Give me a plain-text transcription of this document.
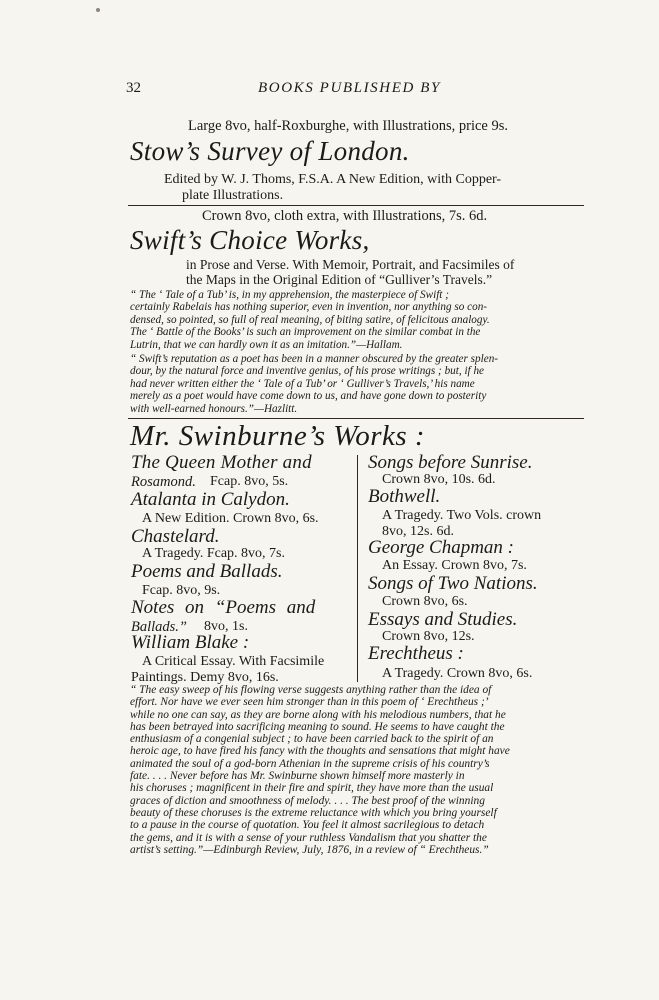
32	BOOKS PUBLISHED BY
Large 8vo, half-Roxburghe, with Illustrations, price 9s.
Stow’s Survey of London.
Edited by W. J. Thoms, F.S.A. A New Edition, with Copper-
plate Illustrations.
Crown 8vo, cloth extra, with Illustrations, 7s. 6d.
Swift’s Choice Works,
in Prose and Verse. With Memoir, Portrait, and Facsimiles of
the Maps in the Original Edition of “Gulliver’s Travels.”
“ The ‘ Tale of a Tub’ is, in my apprehension, the masterpiece of Swift ;
certainly Rabelais has nothing superior, even in invention, nor anything so con-
densed, so pointed, so full of real meaning, of biting satire, of felicitous analogy.
The ‘ Battle of the Books’ is such an improvement on the similar combat in the
Lutrin, that we can hardly own it as an imitation.”—Hallam.
“ Swift’s reputation as a poet has been in a manner obscured by the greater splen-
dour, by the natural force and inventive genius, of his prose writings ; but, if he
had never written either the ‘ Tale of a Tub’ or ‘ Gulliver’s Travels,’ his name
merely as a poet would have come down to us, and have gone down to posterity
with well-earned honours.”—Hazlitt.
Mr. Swinburne’s Works :
The Queen Mother and
Rosamond. Fcap. 8vo, 5s.
Atalanta in Calydon.
A New Edition. Crown 8vo, 6s.
Chastelard.
A Tragedy. Fcap. 8vo, 7s.
Poems and Ballads.
Fcap. 8vo, 9s.
Notes on “Poems and
Ballads.” 8vo, 1s.
William Blake :
A Critical Essay. With Facsimile
Paintings. Demy 8vo, 16s.
Songs before Sunrise.
Crown 8vo, 10s. 6d.
Bothwell.
A Tragedy. Two Vols. crown
8vo, 12s. 6d.
George Chapman :
An Essay. Crown 8vo, 7s.
Songs of Two Nations.
Crown 8vo, 6s.
Essays and Studies.
Crown 8vo, 12s.
Erechtheus :
A Tragedy. Crown 8vo, 6s.
“ The easy sweep of his flowing verse suggests anything rather than the idea of
effort. Nor have we ever seen him stronger than in this poem of ‘ Erechtheus ;’
while no one can say, as they are borne along with his melodious numbers, that he
has been betrayed into sacrificing meaning to sound. He seems to have caught the
enthusiasm of a congenial subject ; to have been carried back to the spirit of an
heroic age, to have fired his fancy with the thoughts and sensations that might have
animated the soul of a god-born Athenian in the supreme crisis of his country’s
fate. . . . Never before has Mr. Swinburne shown himself more masterly in
his choruses ; magnificent in their fire and spirit, they have more than the usual
graces of diction and smoothness of melody. . . . The best proof of the winning
beauty of these choruses is the extreme reluctance with which you bring yourself
to a pause in the course of quotation. You feel it almost sacrilegious to detach
the gems, and it is with a sense of your ruthless Vandalism that you shatter the
artist’s setting.”—Edinburgh Review, July, 1876, in a review of “ Erechtheus.”
